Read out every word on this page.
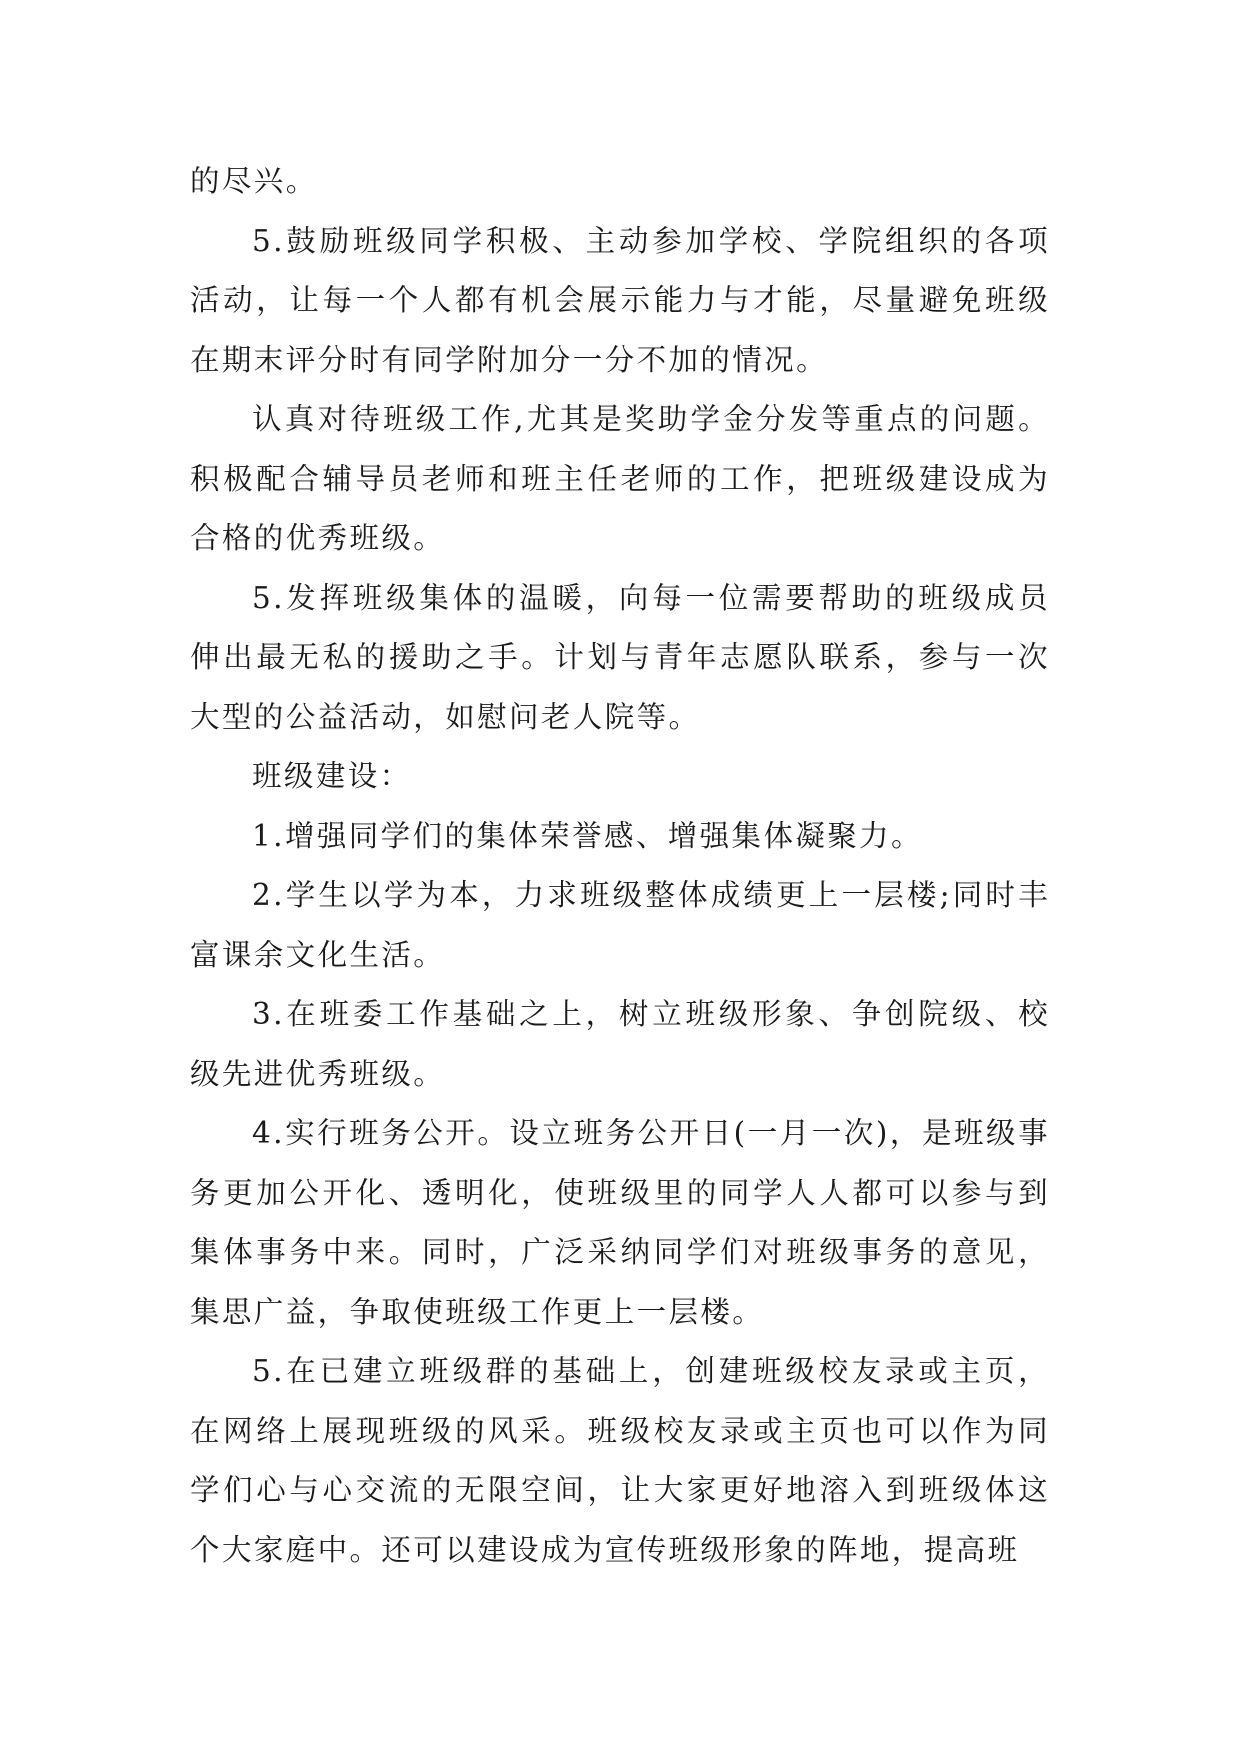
的尽兴。

5.鼓励班级同学积极、主动参加学校、学院组织的各项活动，让每一个人都有机会展示能力与才能，尽量避免班级在期末评分时有同学附加分一分不加的情况。

认真对待班级工作,尤其是奖助学金分发等重点的问题。积极配合辅导员老师和班主任老师的工作，把班级建设成为合格的优秀班级。

5.发挥班级集体的温暖，向每一位需要帮助的班级成员伸出最无私的援助之手。计划与青年志愿队联系，参与一次大型的公益活动，如慰问老人院等。

班级建设：

1.增强同学们的集体荣誉感、增强集体凝聚力。

2.学生以学为本，力求班级整体成绩更上一层楼;同时丰富课余文化生活。

3.在班委工作基础之上，树立班级形象、争创院级、校级先进优秀班级。

4.实行班务公开。设立班务公开日(一月一次)，是班级事务更加公开化、透明化，使班级里的同学人人都可以参与到集体事务中来。同时，广泛采纳同学们对班级事务的意见，集思广益，争取使班级工作更上一层楼。

5.在已建立班级群的基础上，创建班级校友录或主页，在网络上展现班级的风采。班级校友录或主页也可以作为同学们心与心交流的无限空间，让大家更好地溶入到班级体这个大家庭中。还可以建设成为宣传班级形象的阵地，提高班
